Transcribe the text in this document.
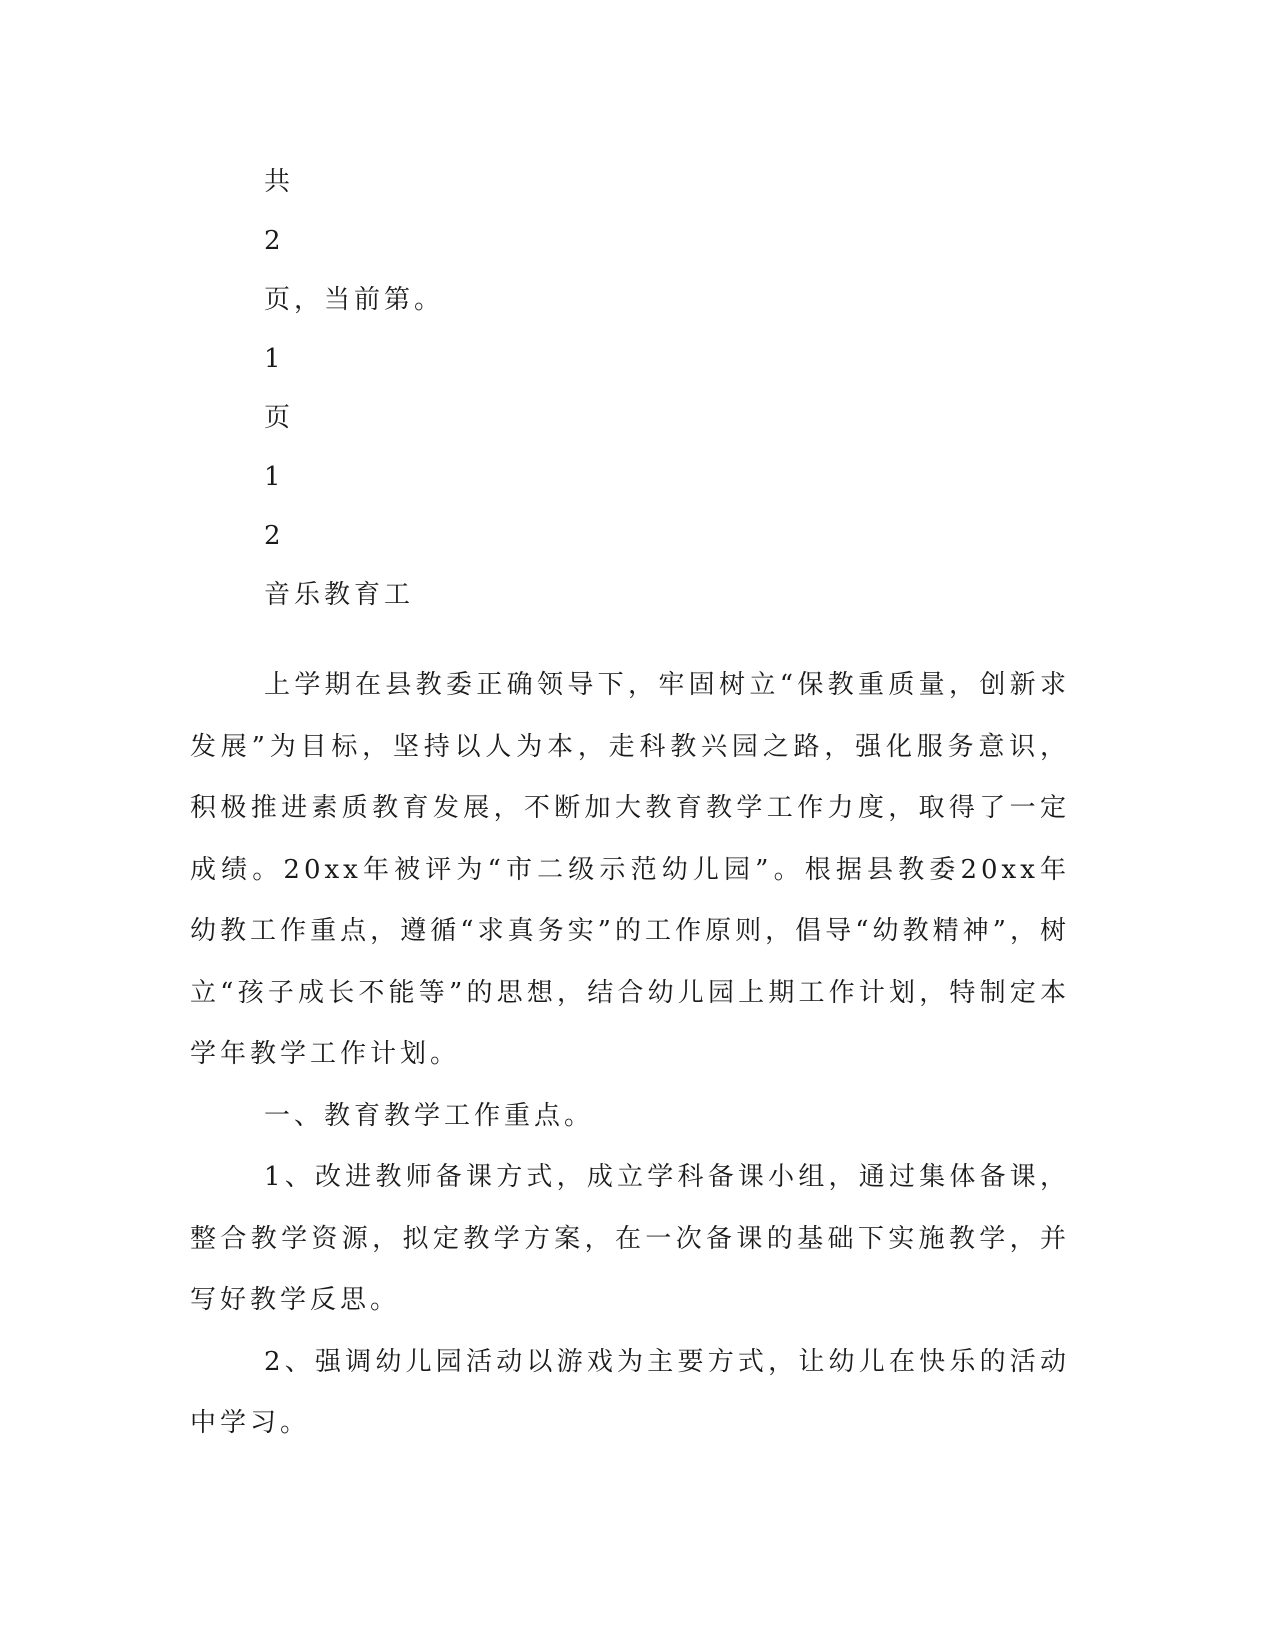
共
2
页，当前第。
1
页
1
2
音乐教育工

上学期在县教委正确领导下，牢固树立“保教重质量，创新求发展”为目标，坚持以人为本，走科教兴园之路，强化服务意识，积极推进素质教育发展，不断加大教育教学工作力度，取得了一定成绩。20xx年被评为“市二级示范幼儿园”。根据县教委20xx年幼教工作重点，遵循“求真务实”的工作原则，倡导“幼教精神”，树立“孩子成长不能等”的思想，结合幼儿园上期工作计划，特制定本学年教学工作计划。

一、教育教学工作重点。

1、改进教师备课方式，成立学科备课小组，通过集体备课，整合教学资源，拟定教学方案，在一次备课的基础下实施教学，并写好教学反思。

2、强调幼儿园活动以游戏为主要方式，让幼儿在快乐的活动中学习。
